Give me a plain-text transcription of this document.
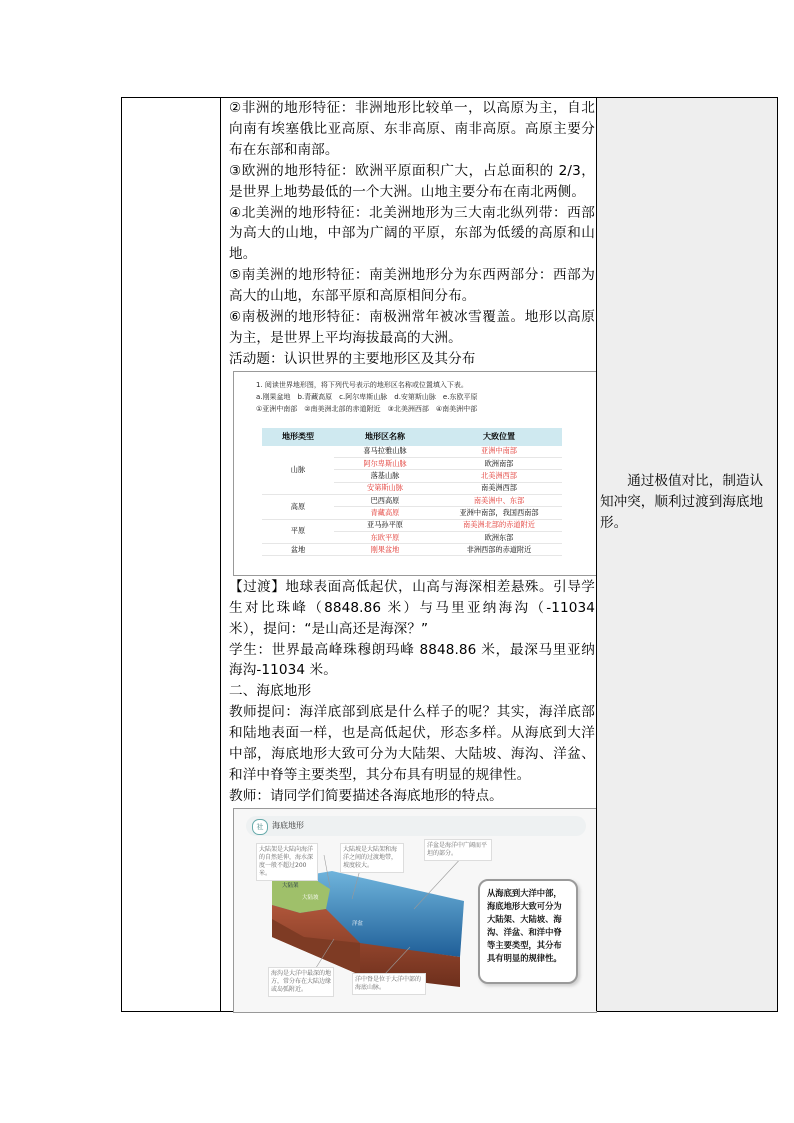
②非洲的地形特征：非洲地形比较单一，以高原为主，自北向南有埃塞俄比亚高原、东非高原、南非高原。高原主要分布在东部和南部。
③欧洲的地形特征：欧洲平原面积广大，占总面积的 2/3，是世界上地势最低的一个大洲。山地主要分布在南北两侧。
④北美洲的地形特征：北美洲地形为三大南北纵列带：西部为高大的山地，中部为广阔的平原，东部为低缓的高原和山地。
⑤南美洲的地形特征：南美洲地形分为东西两部分：西部为高大的山地，东部平原和高原相间分布。
⑥南极洲的地形特征：南极洲常年被冰雪覆盖。地形以高原为主，是世界上平均海拔最高的大洲。
活动题：认识世界的主要地形区及其分布
1. 阅读世界地形图，将下列代号表示的地形区名称或位置填入下表。
a.刚果盆地　b.青藏高原　c.阿尔卑斯山脉　d.安第斯山脉　e.东欧平原
①亚洲中南部　②南美洲北部的赤道附近　③北美洲西部　④南美洲中部
地形类型	地形区名称	大致位置
山脉	喜马拉雅山脉	亚洲中南部
	阿尔卑斯山脉	欧洲南部
	落基山脉	北美洲西部
	安第斯山脉	南美洲西部
高原	巴西高原	南美洲中、东部
	青藏高原	亚洲中南部，我国西南部
平原	亚马孙平原	南美洲北部的赤道附近
	东欧平原	欧洲东部
盆地	刚果盆地	非洲西部的赤道附近
【过渡】地球表面高低起伏，山高与海深相差悬殊。引导学生对比珠峰（8848.86 米）与马里亚纳海沟（-11034 米），提问：“是山高还是海深？”
学生：世界最高峰珠穆朗玛峰 8848.86 米，最深马里亚纳海沟-11034 米。
二、海底地形
教师提问：海洋底部到底是什么样子的呢？其实，海洋底部和陆地表面一样，也是高低起伏，形态多样。从海底到大洋中部，海底地形大致可分为大陆架、大陆坡、海沟、洋盆、和洋中脊等主要类型，其分布具有明显的规律性。
教师：请同学们简要描述各海底地形的特点。
社	海底地形
大陆架是大陆向海洋的自然延伸，海水深度一般不超过200米。
大陆坡是大陆架和海洋之间的过渡地带，坡度较大。
洋盆是海洋中广阔而平坦的部分。
海沟是大洋中最深的地方，常分布在大陆边缘或岛弧附近。
洋中脊是位于大洋中部的海底山脉。
大陆坡
大陆架
洋盆
从海底到大洋中部，海底地形大致可分为大陆架、大陆坡、海沟、洋盆、和洋中脊等主要类型，其分布具有明显的规律性。
通过极值对比，制造认知冲突，顺利过渡到海底地形。
